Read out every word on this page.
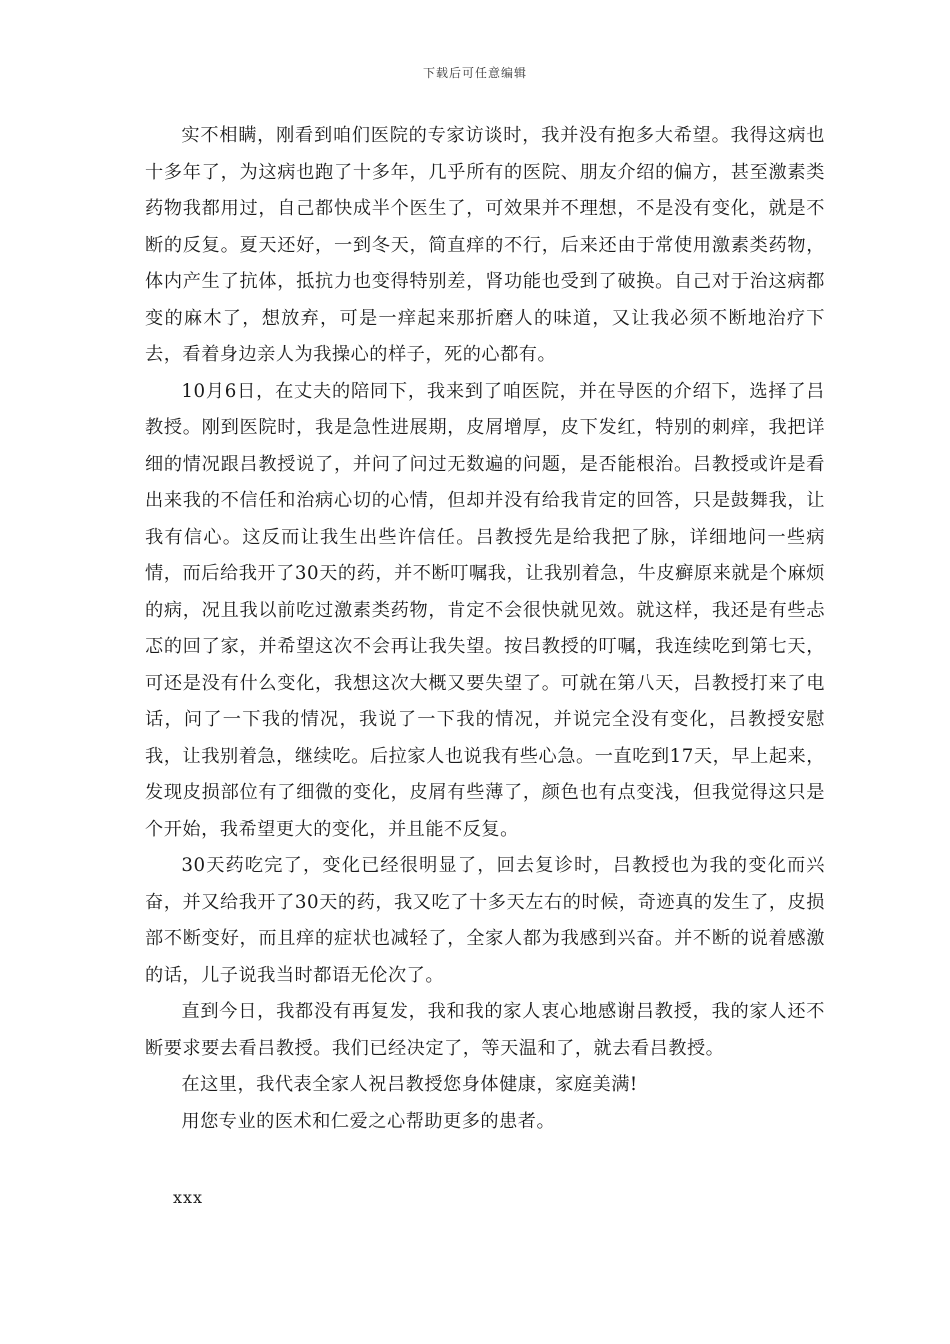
下载后可任意编辑

实不相瞒，刚看到咱们医院的专家访谈时，我并没有抱多大希望。我得这病也十多年了，为这病也跑了十多年，几乎所有的医院、朋友介绍的偏方，甚至激素类药物我都用过，自己都快成半个医生了，可效果并不理想，不是没有变化，就是不断的反复。夏天还好，一到冬天，简直痒的不行，后来还由于常使用激素类药物，体内产生了抗体，抵抗力也变得特别差，肾功能也受到了破换。自己对于治这病都变的麻木了，想放弃，可是一痒起来那折磨人的味道，又让我必须不断地治疗下去，看着身边亲人为我操心的样子，死的心都有。

10月6日，在丈夫的陪同下，我来到了咱医院，并在导医的介绍下，选择了吕教授。刚到医院时，我是急性进展期，皮屑增厚，皮下发红，特别的刺痒，我把详细的情况跟吕教授说了，并问了问过无数遍的问题，是否能根治。吕教授或许是看出来我的不信任和治病心切的心情，但却并没有给我肯定的回答，只是鼓舞我，让我有信心。这反而让我生出些许信任。吕教授先是给我把了脉，详细地问一些病情，而后给我开了30天的药，并不断叮嘱我，让我别着急，牛皮癣原来就是个麻烦的病，况且我以前吃过激素类药物，肯定不会很快就见效。就这样，我还是有些忐忑的回了家，并希望这次不会再让我失望。按吕教授的叮嘱，我连续吃到第七天，可还是没有什么变化，我想这次大概又要失望了。可就在第八天，吕教授打来了电话，问了一下我的情况，我说了一下我的情况，并说完全没有变化，吕教授安慰我，让我别着急，继续吃。后拉家人也说我有些心急。一直吃到17天，早上起来，发现皮损部位有了细微的变化，皮屑有些薄了，颜色也有点变浅，但我觉得这只是个开始，我希望更大的变化，并且能不反复。

30天药吃完了，变化已经很明显了，回去复诊时，吕教授也为我的变化而兴奋，并又给我开了30天的药，我又吃了十多天左右的时候，奇迹真的发生了，皮损部不断变好，而且痒的症状也减轻了，全家人都为我感到兴奋。并不断的说着感激的话，儿子说我当时都语无伦次了。

直到今日，我都没有再复发，我和我的家人衷心地感谢吕教授，我的家人还不断要求要去看吕教授。我们已经决定了，等天温和了，就去看吕教授。

在这里，我代表全家人祝吕教授您身体健康，家庭美满!

用您专业的医术和仁爱之心帮助更多的患者。

xxx
